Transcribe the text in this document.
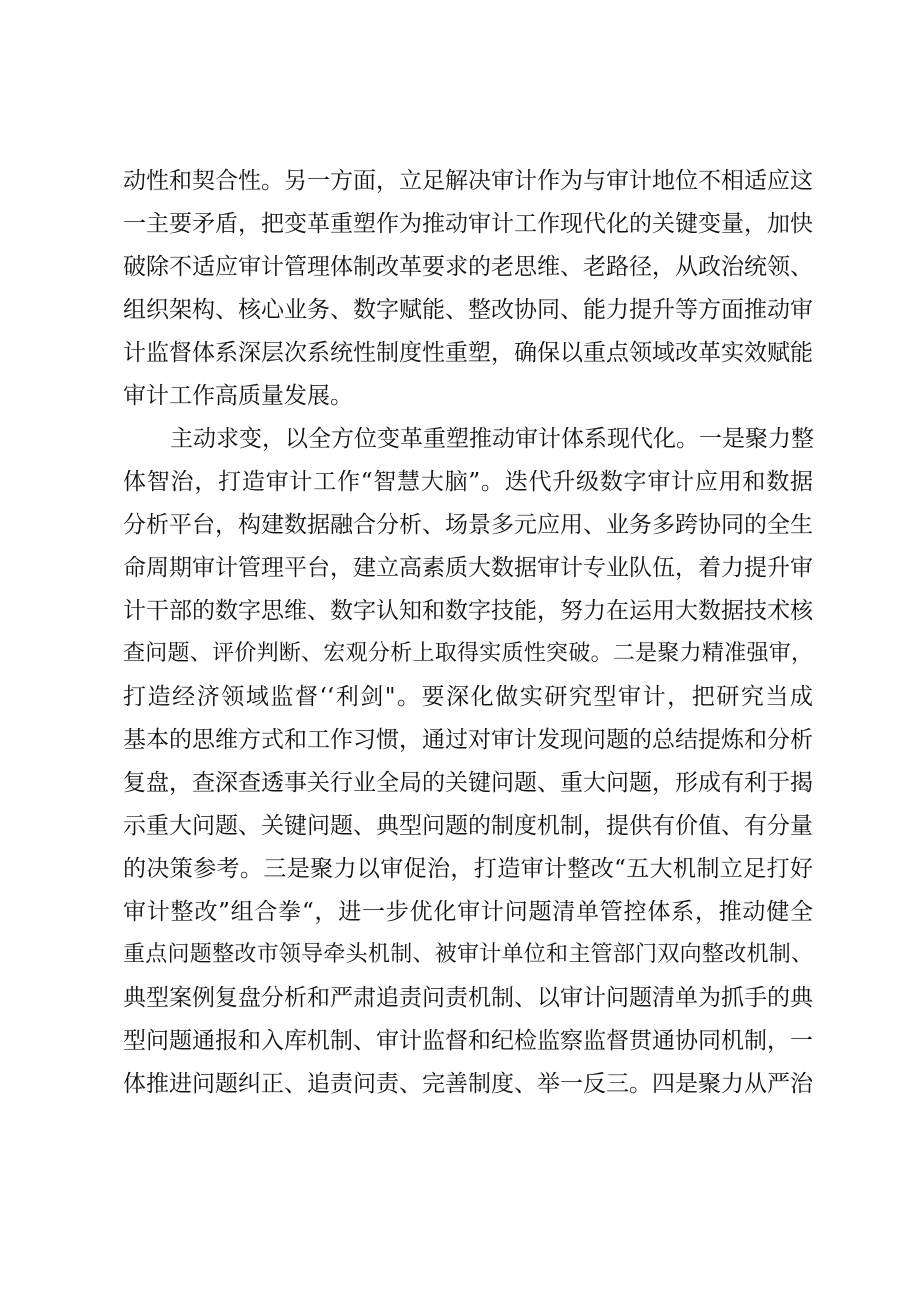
动性和契合性。另一方面，立足解决审计作为与审计地位不相适应这

一主要矛盾，把变革重塑作为推动审计工作现代化的关键变量，加快

破除不适应审计管理体制改革要求的老思维、老路径，从政治统领、

组织架构、核心业务、数字赋能、整改协同、能力提升等方面推动审

计监督体系深层次系统性制度性重塑，确保以重点领域改革实效赋能

审计工作高质量发展。

主动求变，以全方位变革重塑推动审计体系现代化。一是聚力整

体智治，打造审计工作“智慧大脑”。迭代升级数字审计应用和数据

分析平台，构建数据融合分析、场景多元应用、业务多跨协同的全生

命周期审计管理平台，建立高素质大数据审计专业队伍，着力提升审

计干部的数字思维、数字认知和数字技能，努力在运用大数据技术核

查问题、评价判断、宏观分析上取得实质性突破。二是聚力精准强审，

打造经济领域监督‘‘利剑"。要深化做实研究型审计，把研究当成

基本的思维方式和工作习惯，通过对审计发现问题的总结提炼和分析

复盘，查深查透事关行业全局的关键问题、重大问题，形成有利于揭

示重大问题、关键问题、典型问题的制度机制，提供有价值、有分量

的决策参考。三是聚力以审促治，打造审计整改“五大机制立足打好

审计整改”组合拳“，进一步优化审计问题清单管控体系，推动健全

重点问题整改市领导牵头机制、被审计单位和主管部门双向整改机制、

典型案例复盘分析和严肃追责问责机制、以审计问题清单为抓手的典

型问题通报和入库机制、审计监督和纪检监察监督贯通协同机制，一

体推进问题纠正、追责问责、完善制度、举一反三。四是聚力从严治
